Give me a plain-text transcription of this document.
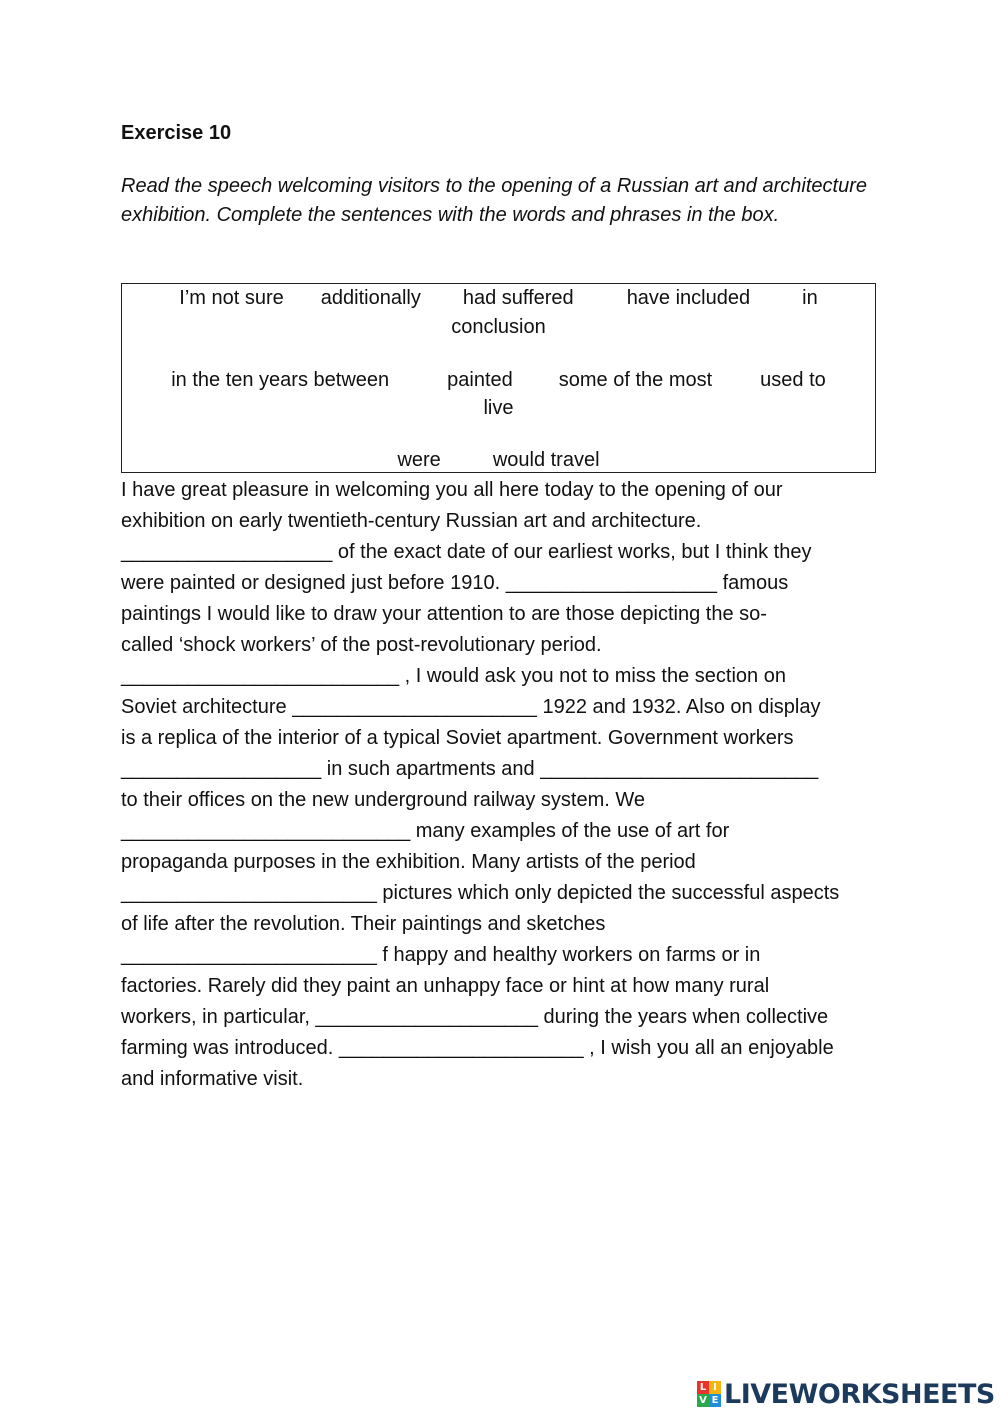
Exercise 10
Read the speech welcoming visitors to the opening of a Russian art and architecture exhibition. Complete the sentences with the words and phrases in the box.
I’m not sure additionally had suffered	have included	in
conclusion
in the ten years between	painted some of the most used to
live
were	would travel
I have great pleasure in welcoming you all here today to the opening of our
exhibition on early twentieth-century Russian art and architecture.
___________________ of the exact date of our earliest works, but I think they
were painted or designed just before 1910. ___________________ famous
paintings I would like to draw your attention to are those depicting the so-
called ‘shock workers’ of the post-revolutionary period.
_________________________ , I would ask you not to miss the section on
Soviet architecture ______________________ 1922 and 1932. Also on display
is a replica of the interior of a typical Soviet apartment. Government workers
__________________ in such apartments and _________________________
to their offices on the new underground railway system. We
__________________________ many examples of the use of art for
propaganda purposes in the exhibition. Many artists of the period
_______________________ pictures which only depicted the successful aspects
of life after the revolution. Their paintings and sketches
_______________________ f happy and healthy workers on farms or in
factories. Rarely did they paint an unhappy face or hint at how many rural
workers, in particular, ____________________ during the years when collective
farming was introduced. ______________________ , I wish you all an enjoyable
and informative visit.
L I
V E LIVEWORKSHEETS
